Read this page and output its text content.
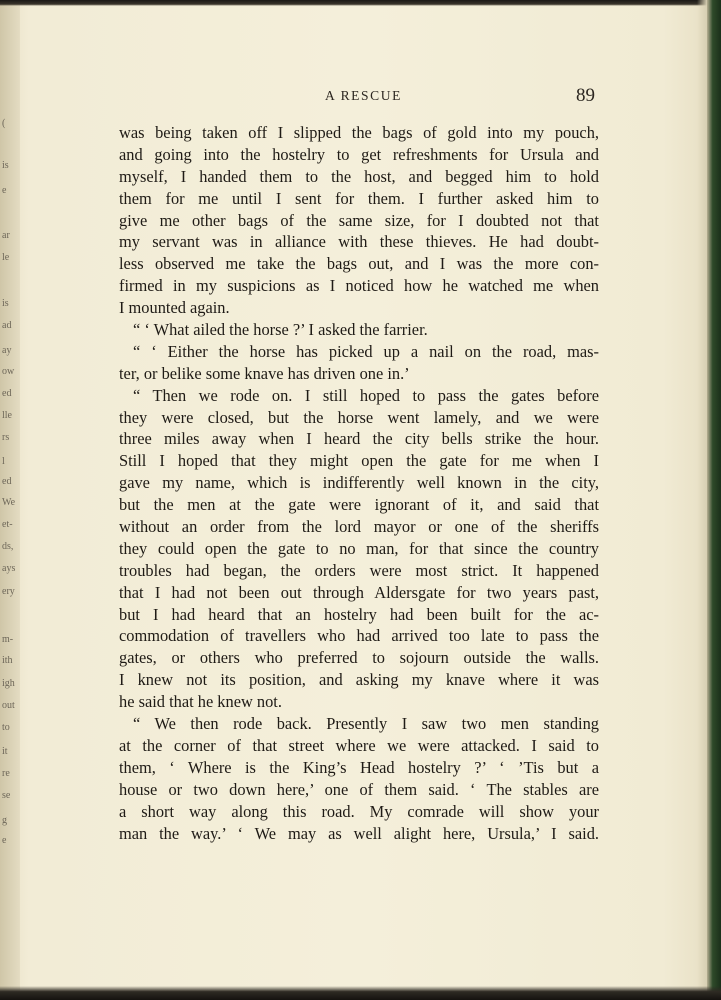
(
is
e
ar
le
is
ad
ay
ow
ed
lle
rs
l
ed
We
et-
ds,
ays
ery
m-
ith
igh
out
to
it
re
se
g
e
A RESCUE	89
was being taken off I slipped the bags of gold into my pouch,
and going into the hostelry to get refreshments for Ursula and
myself, I handed them to the host, and begged him to hold
them for me until I sent for them. I further asked him to
give me other bags of the same size, for I doubted not that
my servant was in alliance with these thieves. He had doubt-
less observed me take the bags out, and I was the more con-
firmed in my suspicions as I noticed how he watched me when
I mounted again.
“ ‘ What ailed the horse ?’ I asked the farrier.
“ ‘ Either the horse has picked up a nail on the road, mas-
ter, or belike some knave has driven one in.’
“ Then we rode on. I still hoped to pass the gates before
they were closed, but the horse went lamely, and we were
three miles away when I heard the city bells strike the hour.
Still I hoped that they might open the gate for me when I
gave my name, which is indifferently well known in the city,
but the men at the gate were ignorant of it, and said that
without an order from the lord mayor or one of the sheriffs
they could open the gate to no man, for that since the country
troubles had began, the orders were most strict. It happened
that I had not been out through Aldersgate for two years past,
but I had heard that an hostelry had been built for the ac-
commodation of travellers who had arrived too late to pass the
gates, or others who preferred to sojourn outside the walls.
I knew not its position, and asking my knave where it was
he said that he knew not.
“ We then rode back. Presently I saw two men standing
at the corner of that street where we were attacked. I said to
them, ‘ Where is the King’s Head hostelry ?’ ‘ ’Tis but a
house or two down here,’ one of them said. ‘ The stables are
a short way along this road. My comrade will show your
man the way.’ ‘ We may as well alight here, Ursula,’ I said.
